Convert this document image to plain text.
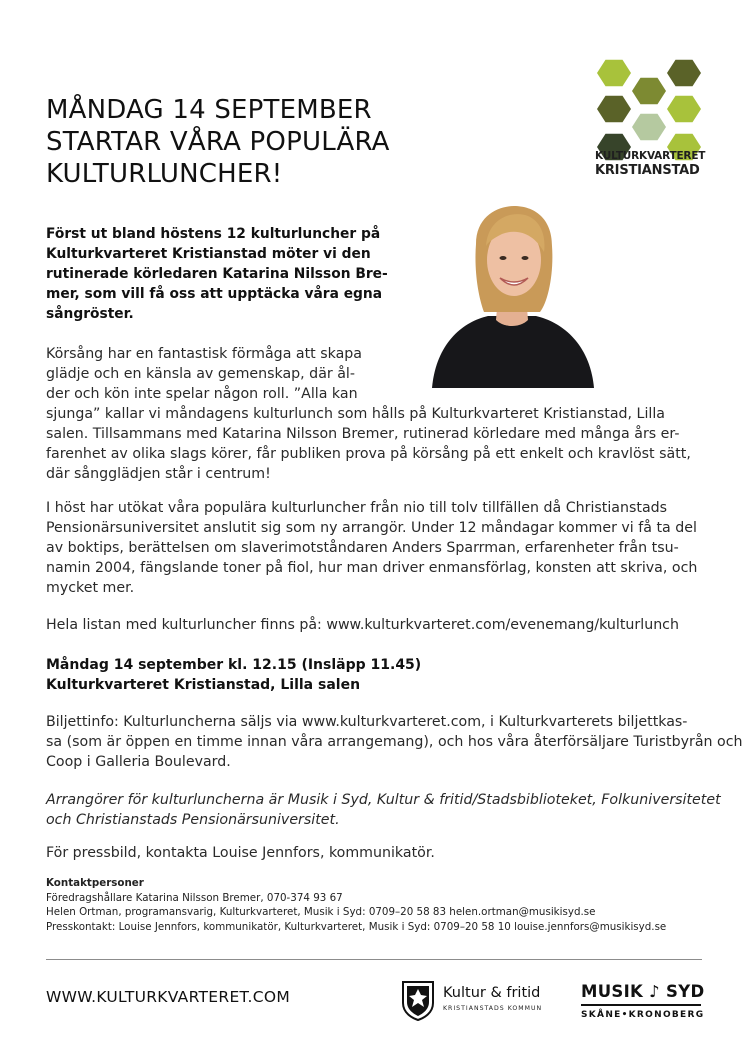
MÅNDAG 14 SEPTEMBER
STARTAR VÅRA POPULÄRA
KULTURLUNCHER!
KULTURKVARTERET
KRISTIANSTAD
Först ut bland höstens 12 kulturluncher på
Kulturkvarteret Kristianstad möter vi den
rutinerade körledaren Katarina Nilsson Bre-
mer, som vill få oss att upptäcka våra egna
sångröster.
Körsång har en fantastisk förmåga att skapa
glädje och en känsla av gemenskap, där ål-
der och kön inte spelar någon roll. ”Alla kan
sjunga” kallar vi måndagens kulturlunch som hålls på Kulturkvarteret Kristianstad, Lilla
salen. Tillsammans med Katarina Nilsson Bremer, rutinerad körledare med många års er-
farenhet av olika slags körer, får publiken prova på körsång på ett enkelt och kravlöst sätt,
där sångglädjen står i centrum!
I höst har utökat våra populära kulturluncher från nio till tolv tillfällen då Christianstads
Pensionärsuniversitet anslutit sig som ny arrangör. Under 12 måndagar kommer vi få ta del
av boktips, berättelsen om slaverimotståndaren Anders Sparrman, erfarenheter från tsu-
namin 2004, fängslande toner på fiol, hur man driver enmansförlag, konsten att skriva, och
mycket mer.
Hela listan med kulturluncher finns på: www.kulturkvarteret.com/evenemang/kulturlunch
Måndag 14 september kl. 12.15 (Insläpp 11.45)
Kulturkvarteret Kristianstad, Lilla salen
Biljettinfo: Kulturluncherna säljs via www.kulturkvarteret.com, i Kulturkvarterets biljettkas-
sa (som är öppen en timme innan våra arrangemang), och hos våra återförsäljare Turistbyrån och
Coop i Galleria Boulevard.
Arrangörer för kulturluncherna är Musik i Syd, Kultur & fritid/Stadsbiblioteket, Folkuniversitetet
och Christianstads Pensionärsuniversitet.
För pressbild, kontakta Louise Jennfors, kommunikatör.
Kontaktpersoner
Föredragshållare Katarina Nilsson Bremer, 070-374 93 67
Helen Ortman, programansvarig, Kulturkvarteret, Musik i Syd: 0709–20 58 83 helen.ortman@musikisyd.se
Presskontakt: Louise Jennfors, kommunikatör, Kulturkvarteret, Musik i Syd: 0709–20 58 10 louise.jennfors@musikisyd.se
WWW.KULTURKVARTERET.COM	Kultur & fritid
KRISTIANSTADS KOMMUN
MUSIK ♪ SYD
SKÅNE•KRONOBERG
